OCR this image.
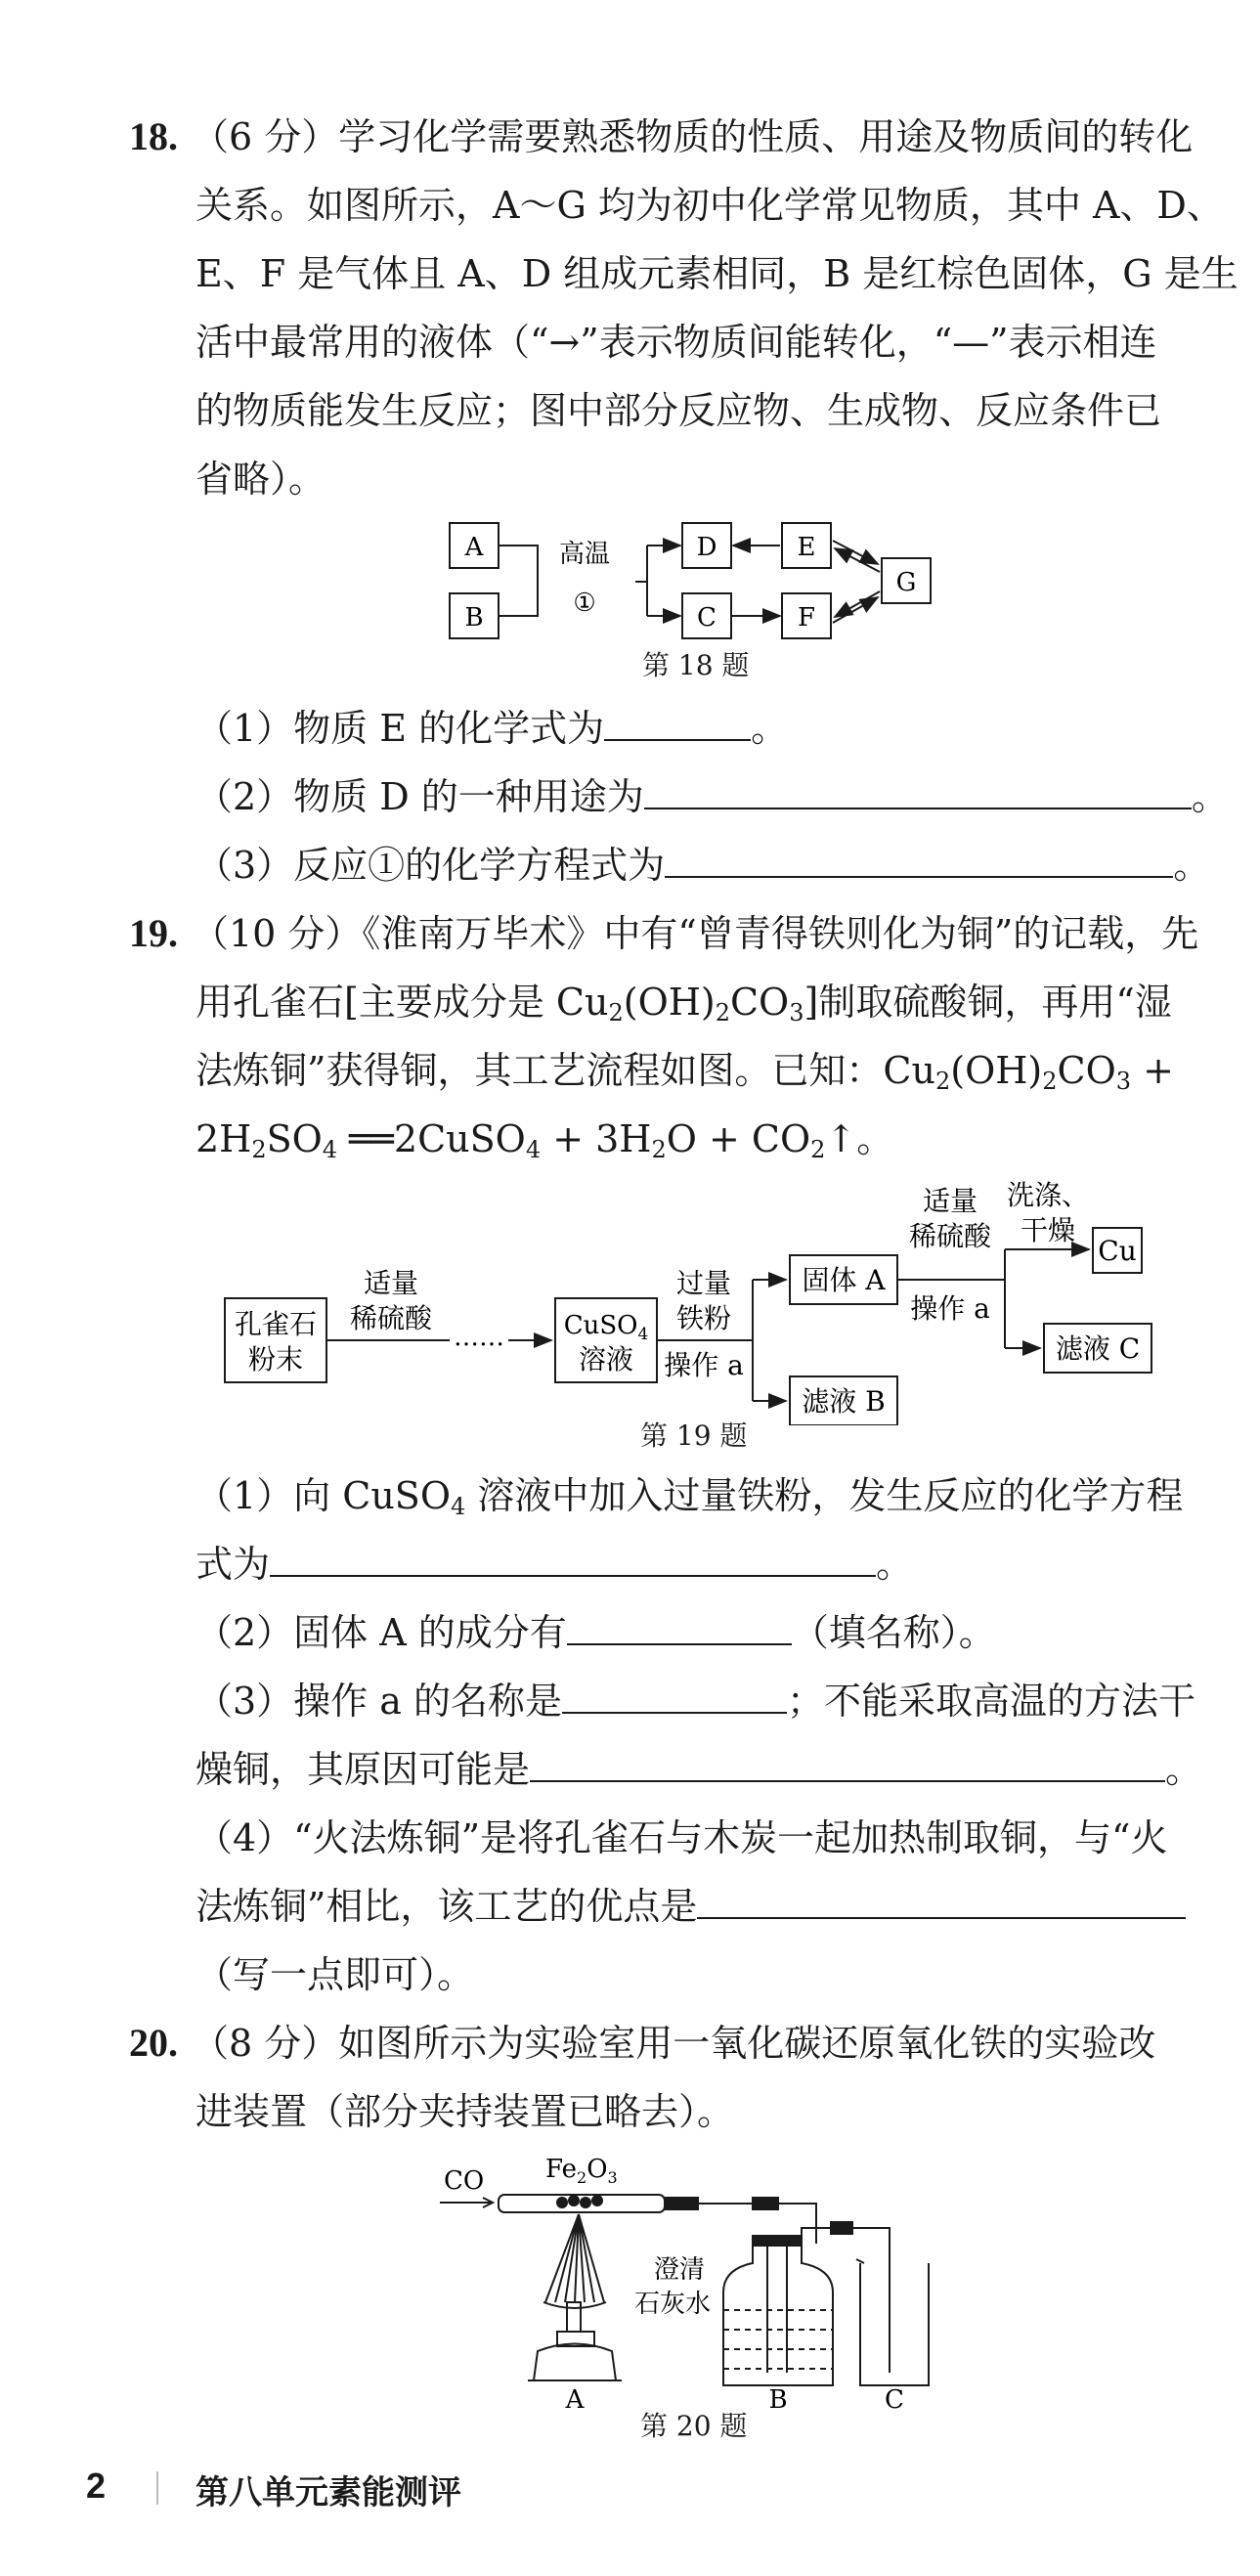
18. （6 分）学习化学需要熟悉物质的性质、用途及物质间的转化
关系。如图所示，A～G 均为初中化学常见物质，其中 A、D、
E、F 是气体且 A、D 组成元素相同，B 是红棕色固体，G 是生
活中最常用的液体（“→”表示物质间能转化，“—”表示相连
的物质能发生反应；图中部分反应物、生成物、反应条件已
省略）。
A
B
D
C
E
F
G
高温
①
第 18 题
（1）物质 E 的化学式为	。
（2）物质 D 的一种用途为	。
（3）反应①的化学方程式为	。
19. （10 分）《淮南万毕术》中有“曾青得铁则化为铜”的记载，先
用孔雀石[主要成分是 $Cu_2(OH)_2CO_3$]制取硫酸铜，再用“湿
法炼铜”获得铜，其工艺流程如图。已知：$Cu_2(OH)_2CO_3$ +
$2H_2SO_4$ ══2CuSO$_4$ + $3H_2O$ + $CO_2↑$。
孔雀石
粉末
适量
稀硫酸
…… CuSO$_4$
溶液
过量
铁粉
操作 a
固体 A
滤液 B
适量
稀硫酸
操作 a
洗涤、
干燥
Cu
滤液 C
第 19 题
（1）向 CuSO$_4$ 溶液中加入过量铁粉，发生反应的化学方程
式为	。
（2）固体 A 的成分有	（填名称）。
（3）操作 a 的名称是	；不能采取高温的方法干
燥铜，其原因可能是	。
（4）“火法炼铜”是将孔雀石与木炭一起加热制取铜，与“火
法炼铜”相比，该工艺的优点是
（写一点即可）。
20. （8 分）如图所示为实验室用一氧化碳还原氧化铁的实验改
进装置（部分夹持装置已略去）。
CO $Fe_2O_3$
澄清
石灰水
A	B	C
第 20 题
2	第八单元素能测评
